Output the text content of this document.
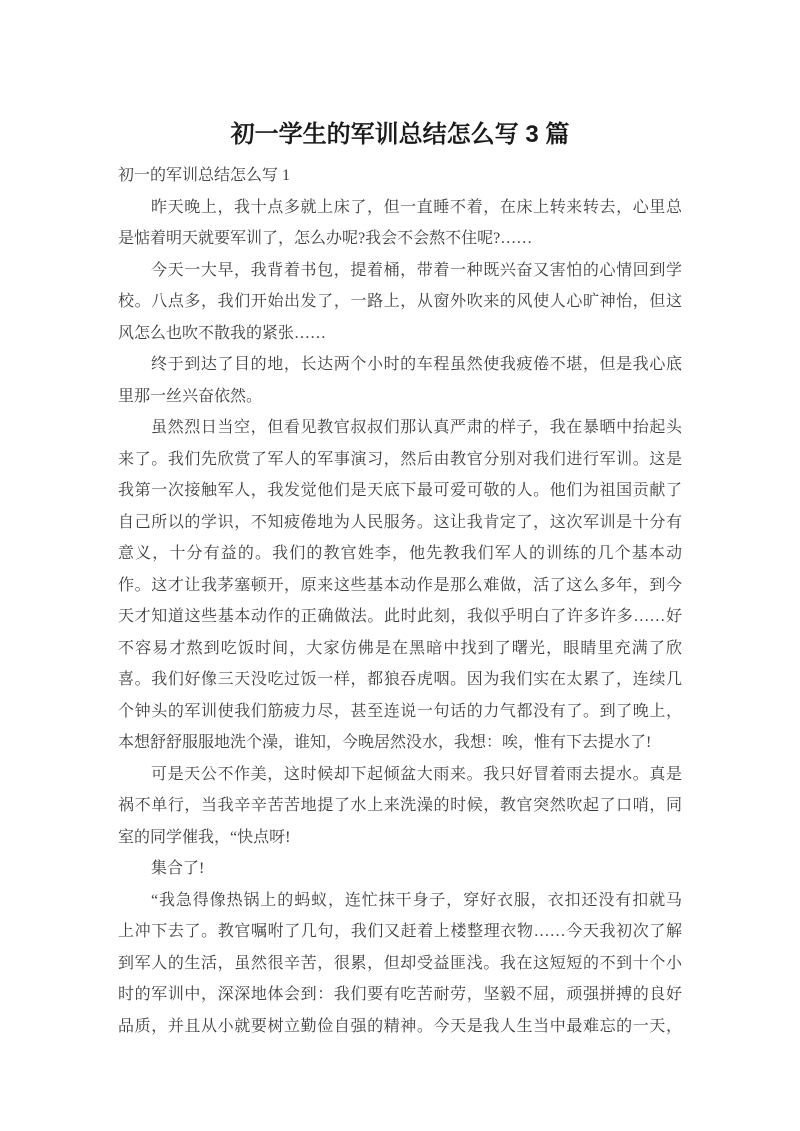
初一学生的军训总结怎么写 3 篇
初一的军训总结怎么写 1
昨天晚上，我十点多就上床了，但一直睡不着，在床上转来转去，心里总
是惦着明天就要军训了，怎么办呢?我会不会熬不住呢?……
今天一大早，我背着书包，提着桶，带着一种既兴奋又害怕的心情回到学
校。八点多，我们开始出发了，一路上，从窗外吹来的风使人心旷神怡，但这
风怎么也吹不散我的紧张……
终于到达了目的地，长达两个小时的车程虽然使我疲倦不堪，但是我心底
里那一丝兴奋依然。
虽然烈日当空，但看见教官叔叔们那认真严肃的样子，我在暴晒中抬起头
来了。我们先欣赏了军人的军事演习，然后由教官分别对我们进行军训。这是
我第一次接触军人，我发觉他们是天底下最可爱可敬的人。他们为祖国贡献了
自己所以的学识，不知疲倦地为人民服务。这让我肯定了，这次军训是十分有
意义，十分有益的。我们的教官姓李，他先教我们军人的训练的几个基本动
作。这才让我茅塞顿开，原来这些基本动作是那么难做，活了这么多年，到今
天才知道这些基本动作的正确做法。此时此刻，我似乎明白了许多许多……好
不容易才熬到吃饭时间，大家仿佛是在黑暗中找到了曙光，眼睛里充满了欣
喜。我们好像三天没吃过饭一样，都狼吞虎咽。因为我们实在太累了，连续几
个钟头的军训使我们筋疲力尽，甚至连说一句话的力气都没有了。到了晚上，
本想舒舒服服地洗个澡，谁知，今晚居然没水，我想：唉，惟有下去提水了!
可是天公不作美，这时候却下起倾盆大雨来。我只好冒着雨去提水。真是
祸不单行，当我辛辛苦苦地提了水上来洗澡的时候，教官突然吹起了口哨，同
室的同学催我，“快点呀!
集合了!
“我急得像热锅上的蚂蚁，连忙抹干身子，穿好衣服，衣扣还没有扣就马
上冲下去了。教官嘱咐了几句，我们又赶着上楼整理衣物……今天我初次了解
到军人的生活，虽然很辛苦，很累，但却受益匪浅。我在这短短的不到十个小
时的军训中，深深地体会到：我们要有吃苦耐劳，坚毅不屈，顽强拼搏的良好
品质，并且从小就要树立勤俭自强的精神。今天是我人生当中最难忘的一天，
